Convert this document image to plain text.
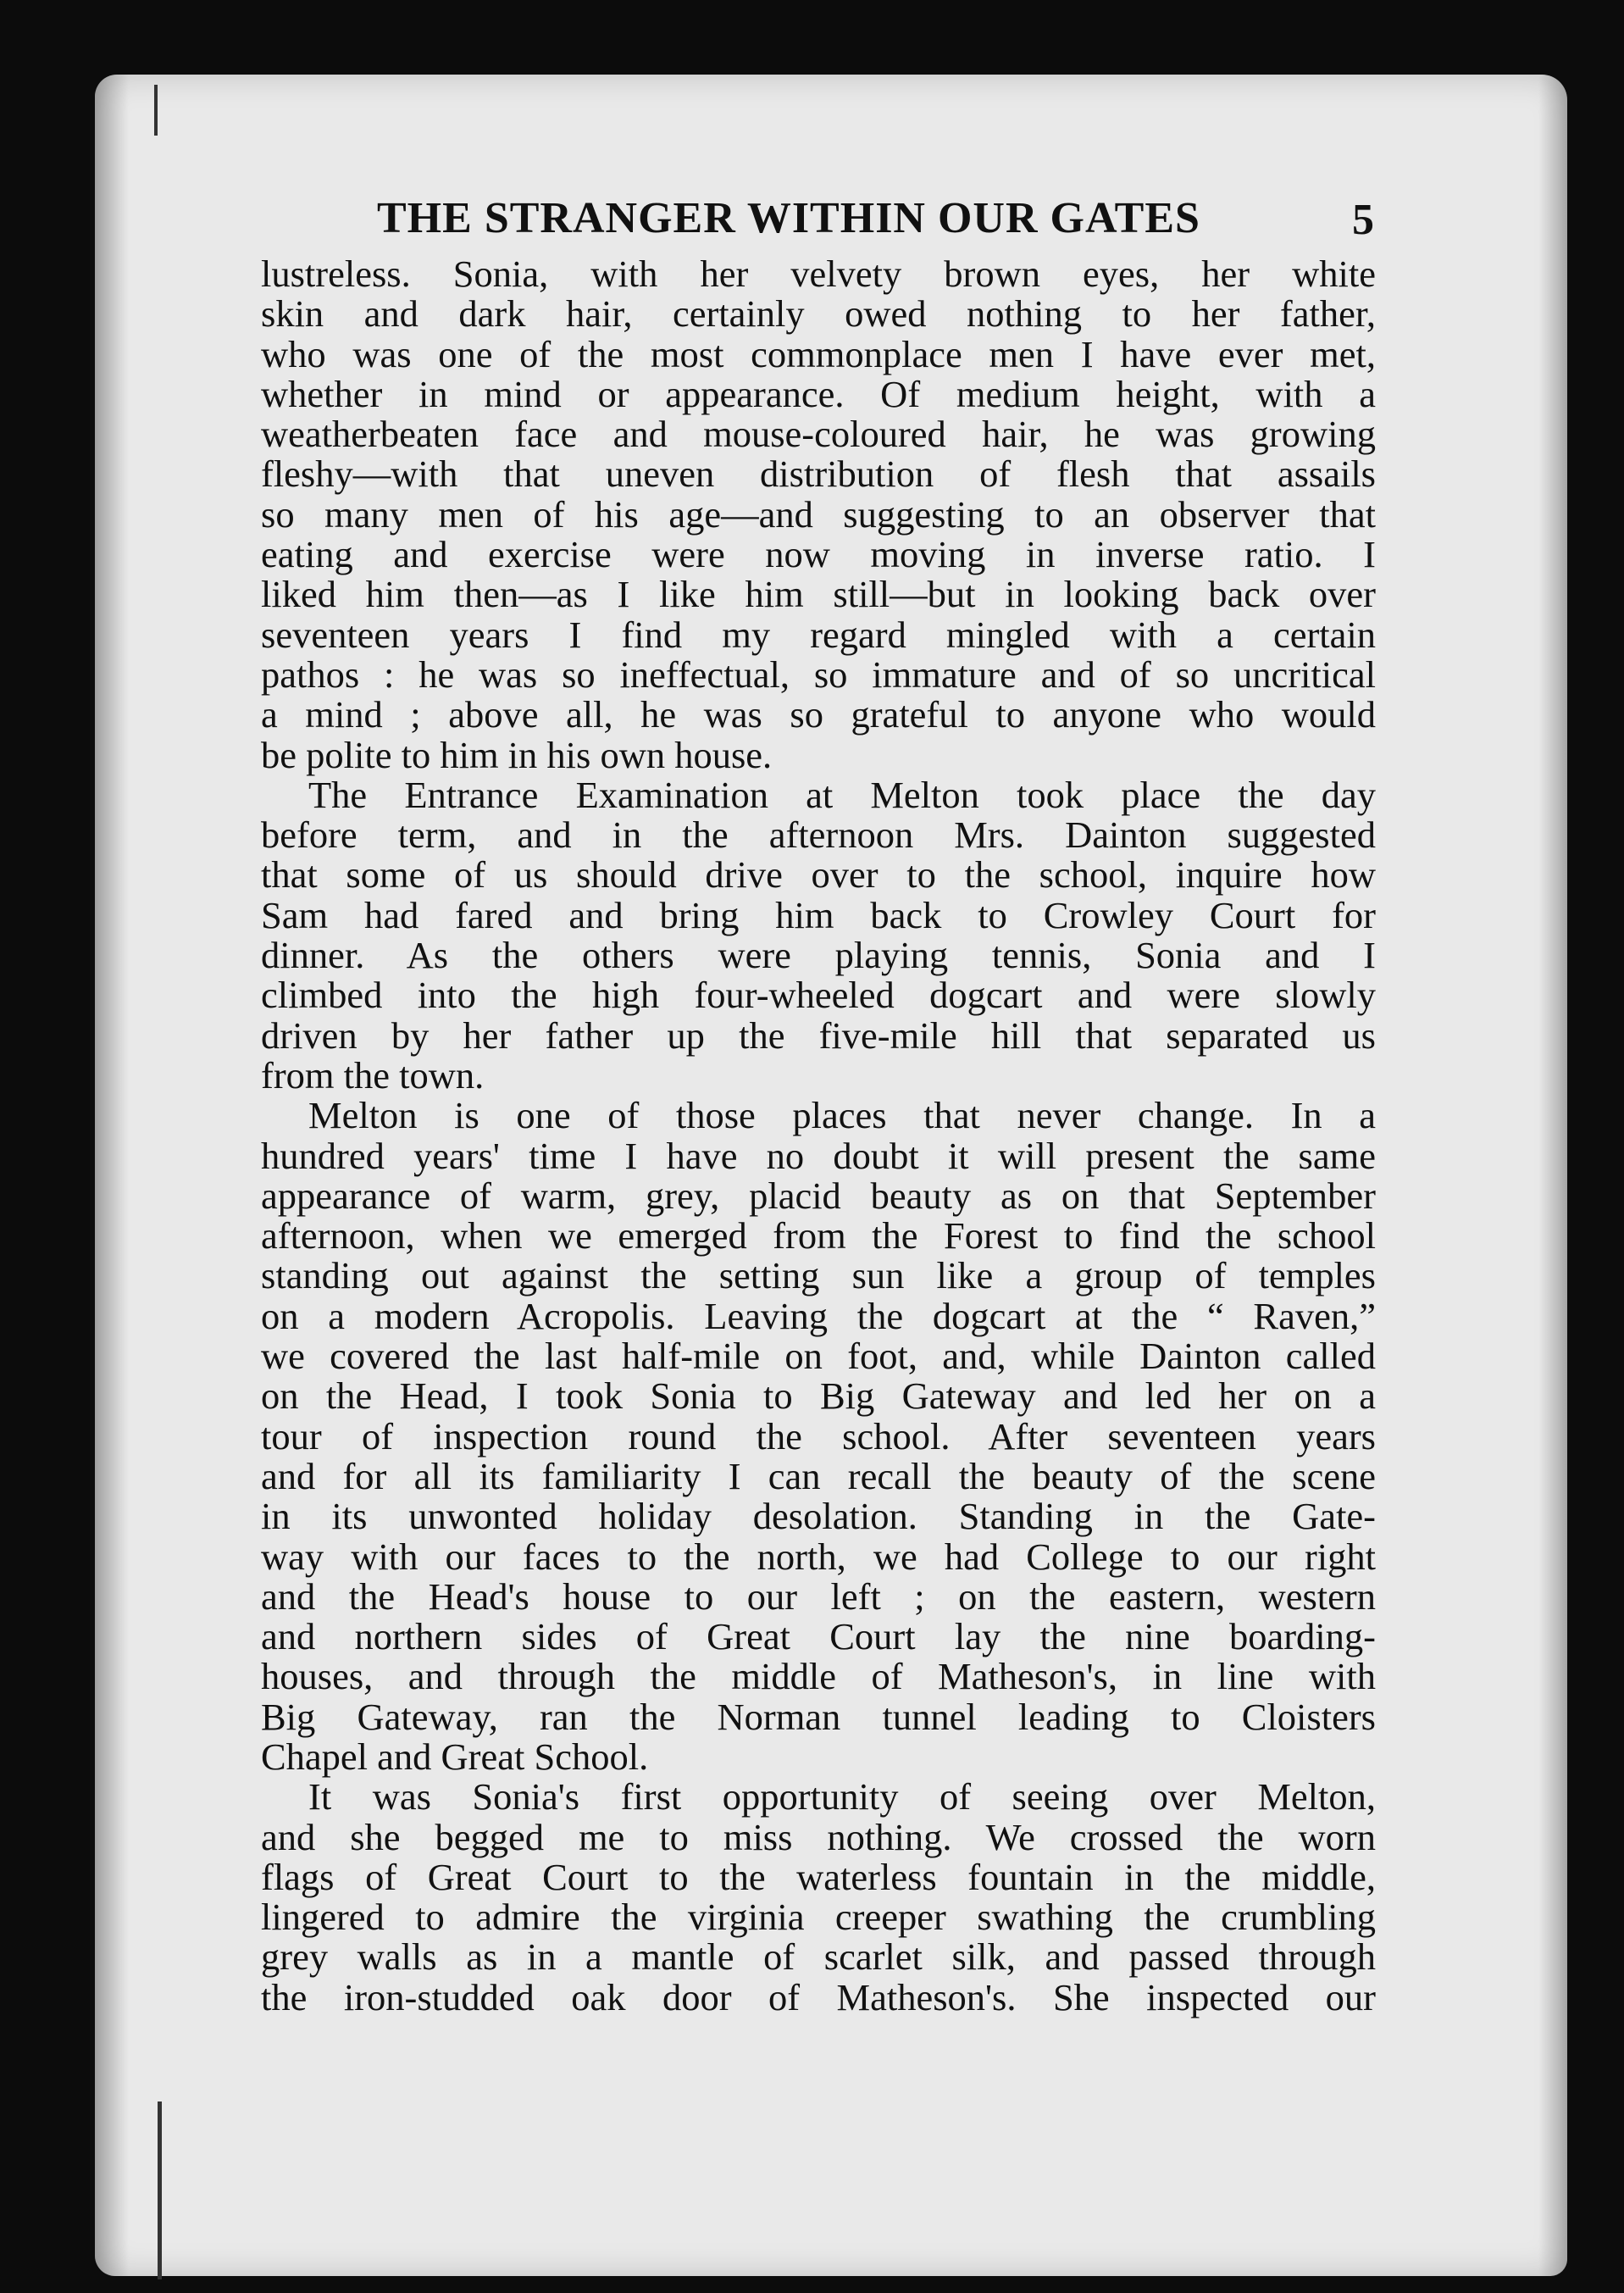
THE STRANGER WITHIN OUR GATES	5
lustreless. Sonia, with her velvety brown eyes, her white
skin and dark hair, certainly owed nothing to her father,
who was one of the most commonplace men I have ever met,
whether in mind or appearance. Of medium height, with a
weatherbeaten face and mouse-coloured hair, he was growing
fleshy—with that uneven distribution of flesh that assails
so many men of his age—and suggesting to an observer that
eating and exercise were now moving in inverse ratio. I
liked him then—as I like him still—but in looking back over
seventeen years I find my regard mingled with a certain
pathos : he was so ineffectual, so immature and of so uncritical
a mind ; above all, he was so grateful to anyone who would
be polite to him in his own house.
The Entrance Examination at Melton took place the day
before term, and in the afternoon Mrs. Dainton suggested
that some of us should drive over to the school, inquire how
Sam had fared and bring him back to Crowley Court for
dinner. As the others were playing tennis, Sonia and I
climbed into the high four-wheeled dogcart and were slowly
driven by her father up the five-mile hill that separated us
from the town.
Melton is one of those places that never change. In a
hundred years' time I have no doubt it will present the same
appearance of warm, grey, placid beauty as on that September
afternoon, when we emerged from the Forest to find the school
standing out against the setting sun like a group of temples
on a modern Acropolis. Leaving the dogcart at the “ Raven,”
we covered the last half-mile on foot, and, while Dainton called
on the Head, I took Sonia to Big Gateway and led her on a
tour of inspection round the school. After seventeen years
and for all its familiarity I can recall the beauty of the scene
in its unwonted holiday desolation. Standing in the Gate-
way with our faces to the north, we had College to our right
and the Head's house to our left ; on the eastern, western
and northern sides of Great Court lay the nine boarding-
houses, and through the middle of Matheson's, in line with
Big Gateway, ran the Norman tunnel leading to Cloisters
Chapel and Great School.
It was Sonia's first opportunity of seeing over Melton,
and she begged me to miss nothing. We crossed the worn
flags of Great Court to the waterless fountain in the middle,
lingered to admire the virginia creeper swathing the crumbling
grey walls as in a mantle of scarlet silk, and passed through
the iron-studded oak door of Matheson's. She inspected our
